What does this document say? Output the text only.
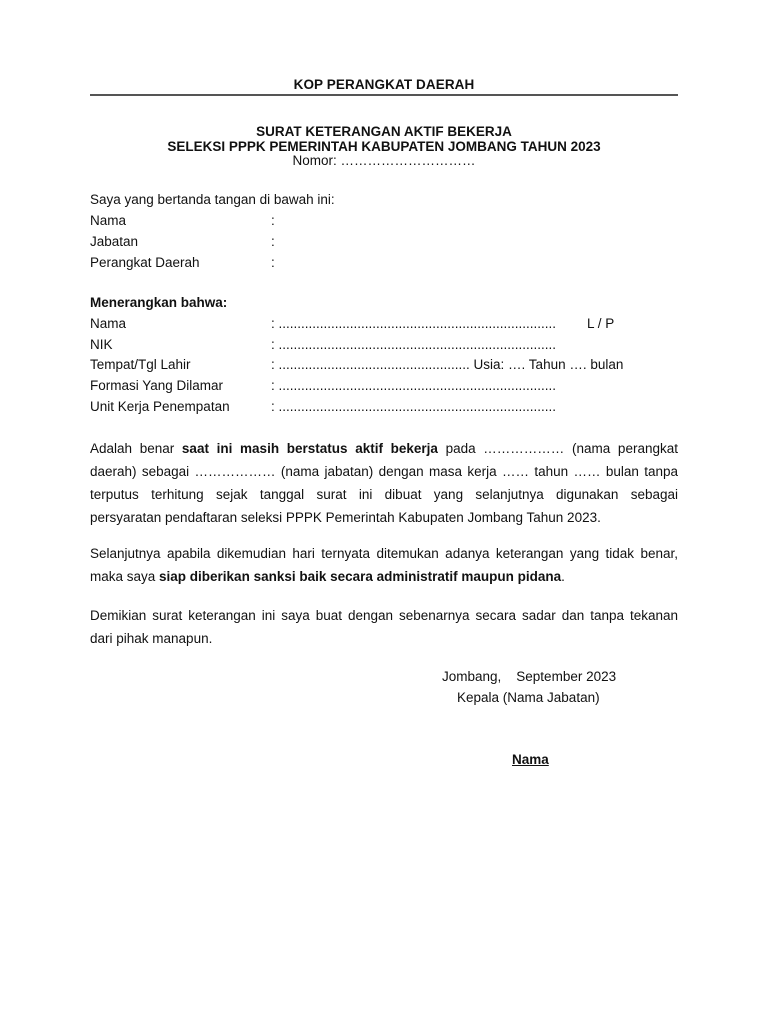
KOP PERANGKAT DAERAH
SURAT KETERANGAN AKTIF BEKERJA
SELEKSI PPPK PEMERINTAH KABUPATEN JOMBANG TAHUN 2023
Nomor: …………………………
Saya yang bertanda tangan di bawah ini:
Nama	:
Jabatan	:
Perangkat Daerah	:
Menerangkan bahwa:
Nama	: .......................................................................... L / P
NIK	: ..........................................................................
Tempat/Tgl Lahir	: ................................................... Usia: …. Tahun …. bulan
Formasi Yang Dilamar	: ..........................................................................
Unit Kerja Penempatan	: ..........................................................................
Adalah benar saat ini masih berstatus aktif bekerja pada ……………… (nama perangkat
daerah) sebagai ……………… (nama jabatan) dengan masa kerja …… tahun …… bulan tanpa
terputus terhitung sejak tanggal surat ini dibuat yang selanjutnya digunakan sebagai
persyaratan pendaftaran seleksi PPPK Pemerintah Kabupaten Jombang Tahun 2023.
Selanjutnya apabila dikemudian hari ternyata ditemukan adanya keterangan yang tidak benar,
maka saya siap diberikan sanksi baik secara administratif maupun pidana.
Demikian surat keterangan ini saya buat dengan sebenarnya secara sadar dan tanpa tekanan
dari pihak manapun.
Jombang,    September 2023
Kepala (Nama Jabatan)
Nama
